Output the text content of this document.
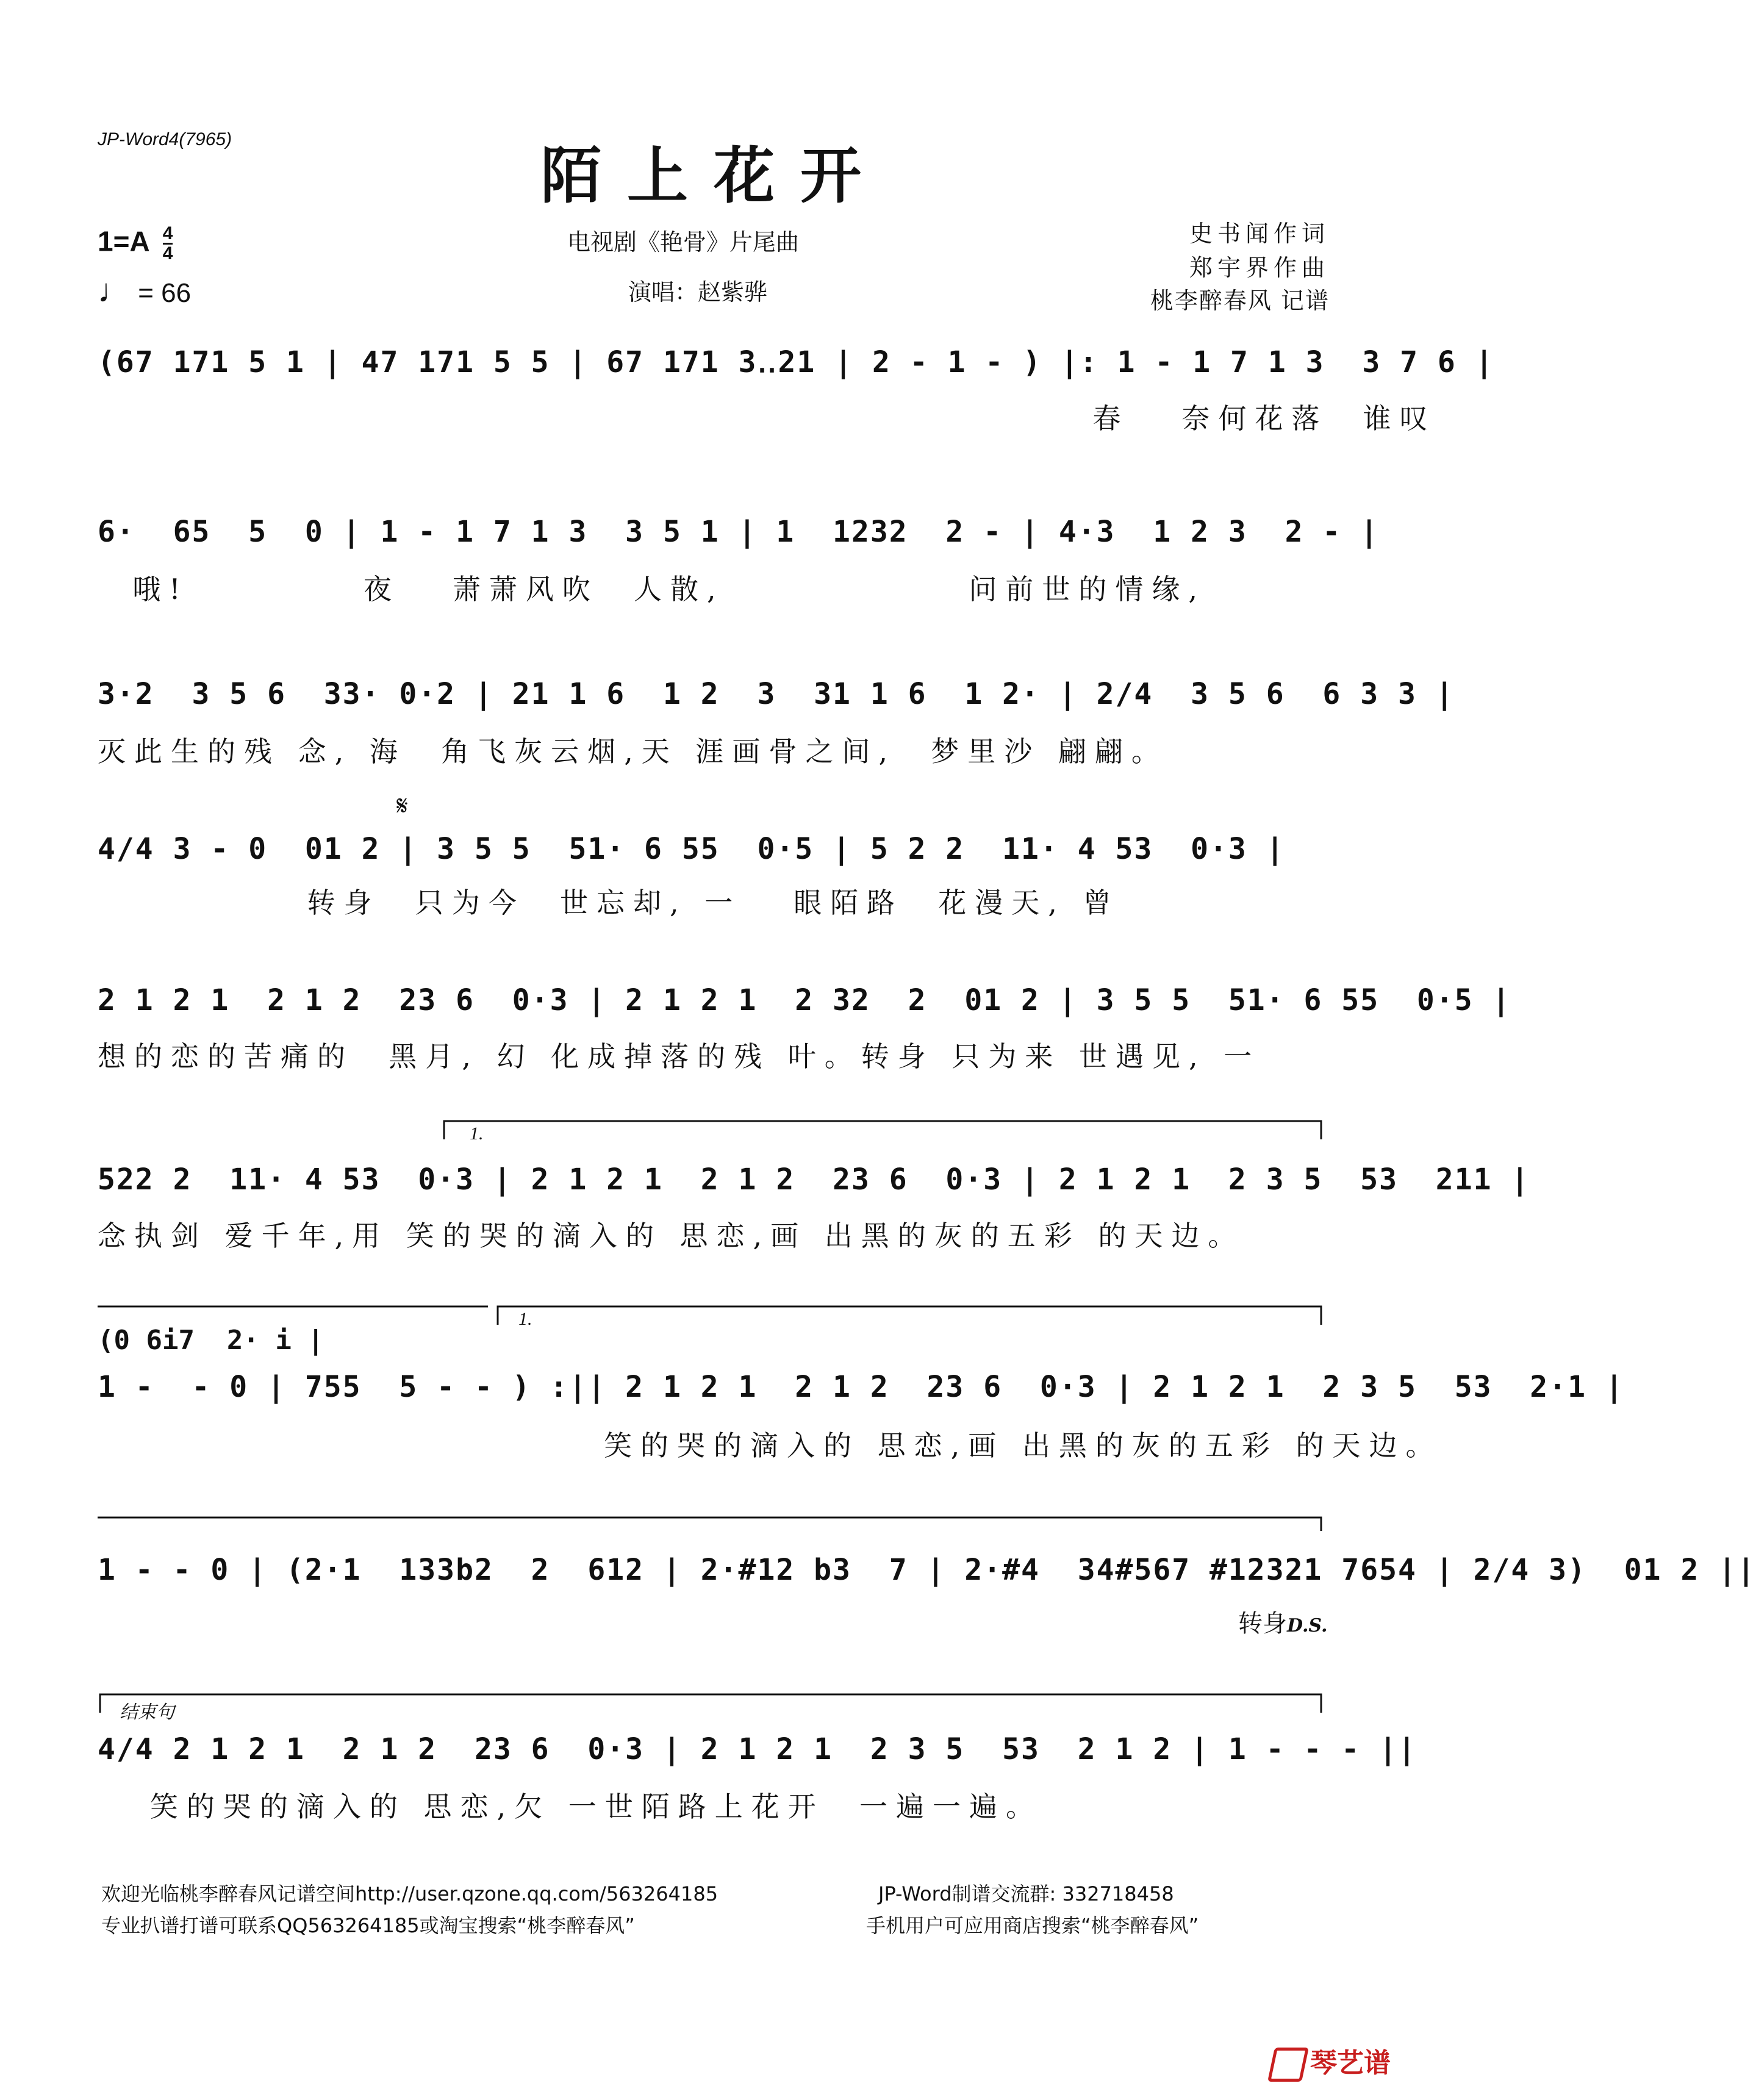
JP-Word4(7965)
陌上花开
电视剧《艳骨》片尾曲
演唱：赵紫骅
史书闻作词
郑宇界作曲
桃李醉春风 记谱
$1=A \frac{4}{4}$
♩ = 66
(67 171 5 1 | 47 171 5 5 | 67 171 3‥21 | 2 - 1 - ) |: 1 - 1 7 1 3  3 7 6 |
春   奈何花落  谁叹
6·  65  5  0 | 1 - 1 7 1 3  3 5 1 | 1  1232  2 - | 4·3  1 2 3  2 - |
哦!          夜   萧萧风吹  人散,              问前世的情缘,
3·2  3 5 6  33· 0·2 | 21 1 6  1 2  3  31 1 6  1 2· | 2/4  3 5 6  6 3 3 |
灭此生的残 念, 海  角飞灰云烟,天 涯画骨之间,  梦里沙 翩翩。
𝄋
4/4 3 - 0  01 2 | 3 5 5  51· 6 55  0·5 | 5 2 2  11· 4 53  0·3 |
转身  只为今  世忘却, 一   眼陌路  花漫天, 曾
2 1 2 1  2 1 2  23 6  0·3 | 2 1 2 1  2 32  2  01 2 | 3 5 5  51· 6 55  0·5 |
想的恋的苦痛的  黑月, 幻 化成掉落的残 叶。转身 只为来 世遇见, 一
1.
522 2  11· 4 53  0·3 | 2 1 2 1  2 1 2  23 6  0·3 | 2 1 2 1  2 3 5  53  211 |
念执剑 爱千年,用 笑的哭的滴入的 思恋,画 出黑的灰的五彩 的天边。
1.
(0 6i7  2· i |
1 -  - 0 | 755  5 - - ) :|| 2 1 2 1  2 1 2  23 6  0·3 | 2 1 2 1  2 3 5  53  2·1 |
笑的哭的滴入的 思恋,画 出黑的灰的五彩 的天边。
1 - - 0 | (2·1  133b2  2  612 | 2·#12 b3  7 | 2·#4  34#567 #12321 7654 | 2/4 3)  01 2 ||
转身D.S.
结束句
4/4 2 1 2 1  2 1 2  23 6  0·3 | 2 1 2 1  2 3 5  53  2 1 2 | 1 - - - ||
笑的哭的滴入的 思恋,欠 一世陌路上花开  一遍一遍。
欢迎光临桃李醉春风记谱空间http://user.qzone.qq.com/563264185	JP-Word制谱交流群: 332718458
专业扒谱打谱可联系QQ563264185或淘宝搜索“桃李醉春风”	手机用户可应用商店搜索“桃李醉春风”
琴艺谱
